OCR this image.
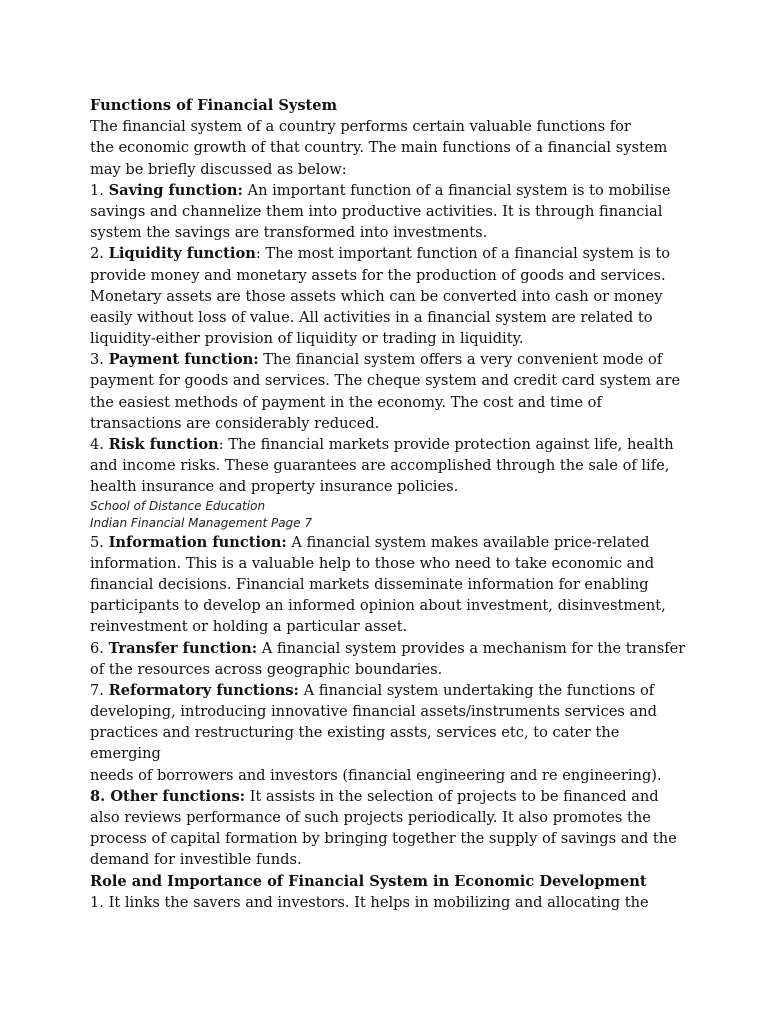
Functions of Financial System
The financial system of a country performs certain valuable functions for
the economic growth of that country. The main functions of a financial system
may be briefly discussed as below:
1. Saving function: An important function of a financial system is to mobilise
savings and channelize them into productive activities. It is through financial
system the savings are transformed into investments.
2. Liquidity function: The most important function of a financial system is to
provide money and monetary assets for the production of goods and services.
Monetary assets are those assets which can be converted into cash or money
easily without loss of value. All activities in a financial system are related to
liquidity-either provision of liquidity or trading in liquidity.
3. Payment function: The financial system offers a very convenient mode of
payment for goods and services. The cheque system and credit card system are
the easiest methods of payment in the economy. The cost and time of
transactions are considerably reduced.
4. Risk function: The financial markets provide protection against life, health
and income risks. These guarantees are accomplished through the sale of life,
health insurance and property insurance policies.
School of Distance Education
Indian Financial Management Page 7
5. Information function: A financial system makes available price-related
information. This is a valuable help to those who need to take economic and
financial decisions. Financial markets disseminate information for enabling
participants to develop an informed opinion about investment, disinvestment,
reinvestment or holding a particular asset.
6. Transfer function: A financial system provides a mechanism for the transfer
of the resources across geographic boundaries.
7. Reformatory functions: A financial system undertaking the functions of
developing, introducing innovative financial assets/instruments services and
practices and restructuring the existing assts, services etc, to cater the
emerging
needs of borrowers and investors (financial engineering and re engineering).
8. Other functions: It assists in the selection of projects to be financed and
also reviews performance of such projects periodically. It also promotes the
process of capital formation by bringing together the supply of savings and the
demand for investible funds.
Role and Importance of Financial System in Economic Development
1. It links the savers and investors. It helps in mobilizing and allocating the
